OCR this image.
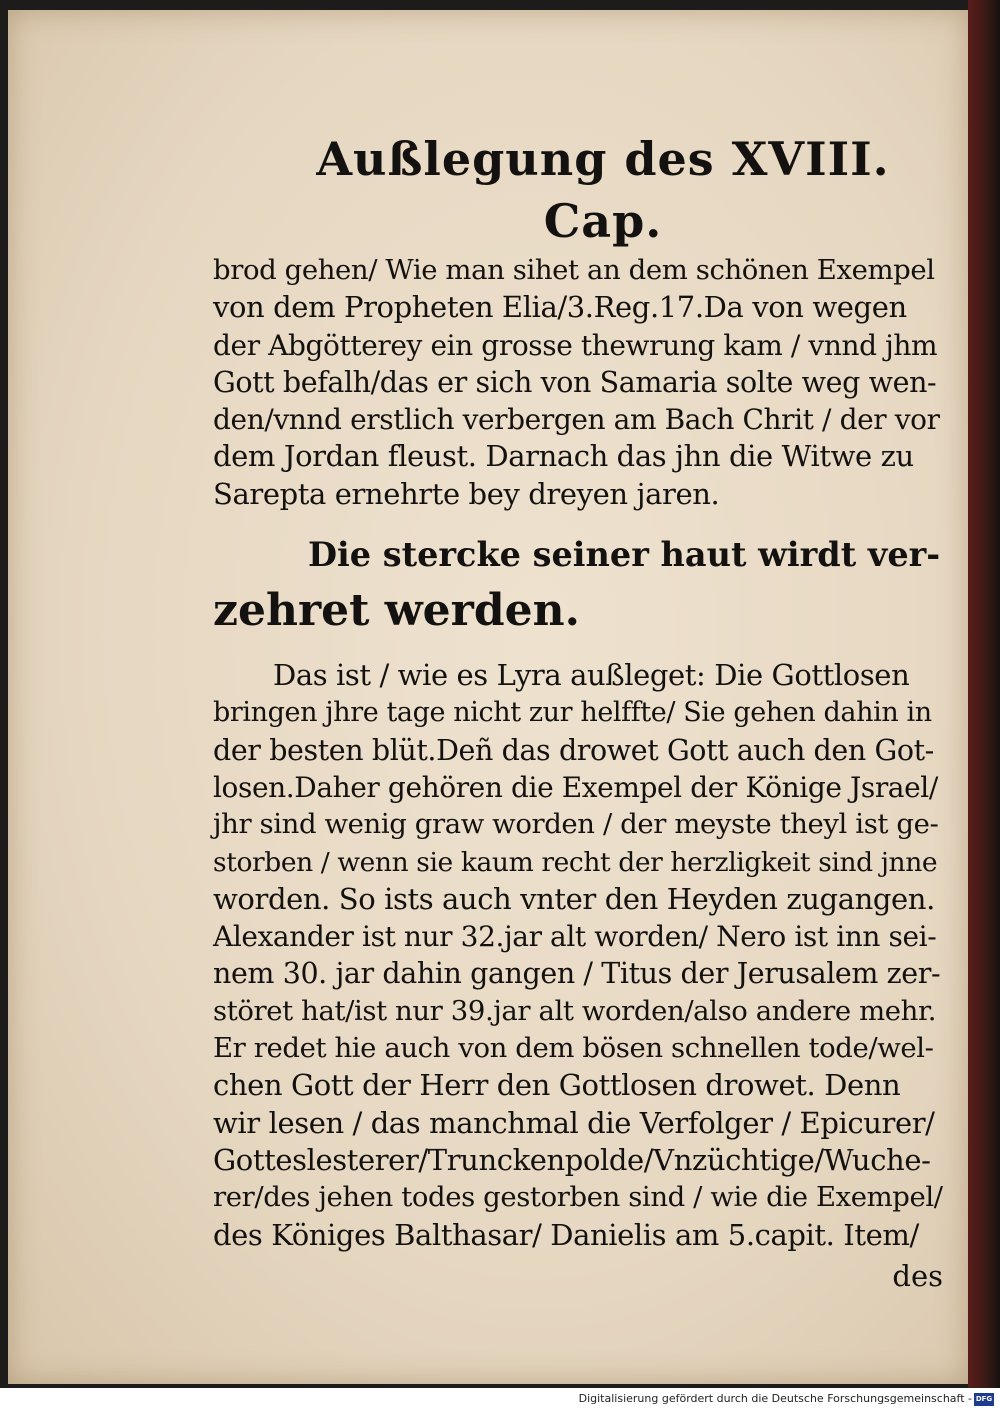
Außlegung des XVIII. Cap.

brod gehen/ Wie man sihet an dem schönen Exempel

von dem Propheten Elia/3.Reg.17.Da von wegen

der Abgötterey ein grosse thewrung kam / vnnd jhm

Gott befalh/das er sich von Samaria solte weg wen-

den/vnnd erstlich verbergen am Bach Chrit / der vor

dem Jordan fleust. Darnach das jhn die Witwe zu

Sarepta ernehrte bey dreyen jaren.

Die stercke seiner haut wirdt ver-

zehret werden.

Das ist / wie es Lyra außleget: Die Gottlosen

bringen jhre tage nicht zur helffte/ Sie gehen dahin in

der besten blüt.Deñ das drowet Gott auch den Got-

losen.Daher gehören die Exempel der Könige Jsrael/

jhr sind wenig graw worden / der meyste theyl ist ge-

storben / wenn sie kaum recht der herzligkeit sind jnne

worden. So ists auch vnter den Heyden zugangen.

Alexander ist nur 32.jar alt worden/ Nero ist inn sei-

nem 30. jar dahin gangen / Titus der Jerusalem zer-

störet hat/ist nur 39.jar alt worden/also andere mehr.

Er redet hie auch von dem bösen schnellen tode/wel-

chen Gott der Herr den Gottlosen drowet. Denn

wir lesen / das manchmal die Verfolger / Epicurer/

Gotteslesterer/Trunckenpolde/Vnzüchtige/Wuche-

rer/des jehen todes gestorben sind / wie die Exempel/

des Königes Balthasar/ Danielis am 5.capit. Item/

des
Digitalisierung gefördert durch die Deutsche Forschungsgemeinschaft - DFG
